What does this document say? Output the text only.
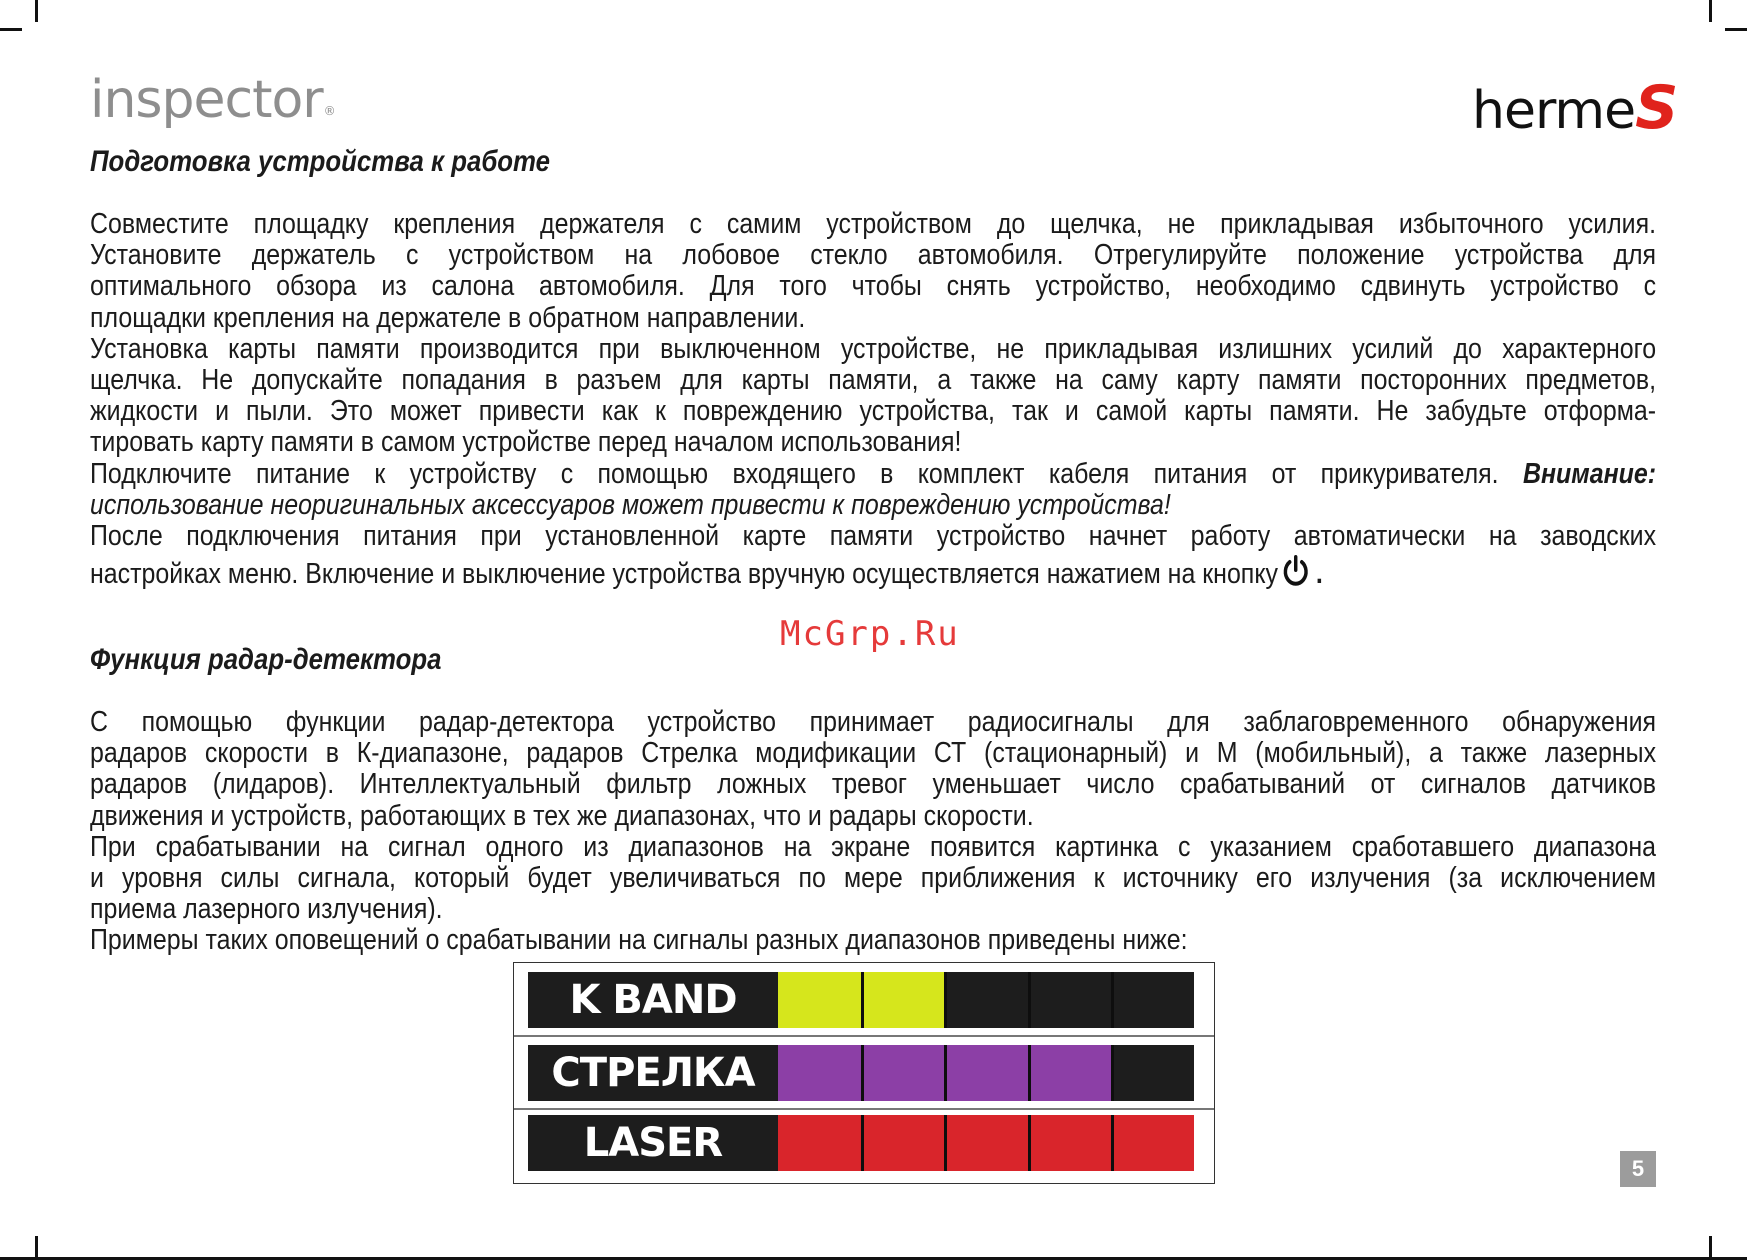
inspector®	hermeS
Подготовка устройства к работе
Совместите площадку крепления держателя с самим устройством до щелчка, не прикладывая избыточного усилия.
Установите держатель с устройством на лобовое стекло автомобиля. Отрегулируйте положение устройства для
оптимального обзора из салона автомобиля. Для того чтобы снять устройство, необходимо сдвинуть устройство с
площадки крепления на держателе в обратном направлении.
Установка карты памяти производится при выключенном устройстве, не прикладывая излишних усилий до характерного
щелчка. Не допускайте попадания в разъем для карты памяти, а также на саму карту памяти посторонних предметов,
жидкости и пыли. Это может привести как к повреждению устройства, так и самой карты памяти. Не забудьте отформа-
тировать карту памяти в самом устройстве перед началом использования!
Подключите питание к устройству с помощью входящего в комплект кабеля питания от прикуривателя. Внимание:
использование неоригинальных аксессуаров может привести к повреждению устройства!
После подключения питания при установленной карте памяти устройство начнет работу автоматически на заводских
настройках меню. Включение и выключение устройства вручную осуществляется нажатием на кнопку .
McGrp.Ru
Функция радар-детектора
С помощью функции радар-детектора устройство принимает радиосигналы для заблаговременного обнаружения
радаров скорости в К-диапазоне, радаров Стрелка модификации СТ (стационарный) и М (мобильный), а также лазерных
радаров (лидаров). Интеллектуальный фильтр ложных тревог уменьшает число срабатываний от сигналов датчиков
движения и устройств, работающих в тех же диапазонах, что и радары скорости.
При срабатывании на сигнал одного из диапазонов на экране появится картинка с указанием сработавшего диапазона
и уровня силы сигнала, который будет увеличиваться по мере приближения к источнику его излучения (за исключением
приема лазерного излучения).
Примеры таких оповещений о срабатывании на сигналы разных диапазонов приведены ниже:
K BAND
СТРЕЛКА
LASER
5
